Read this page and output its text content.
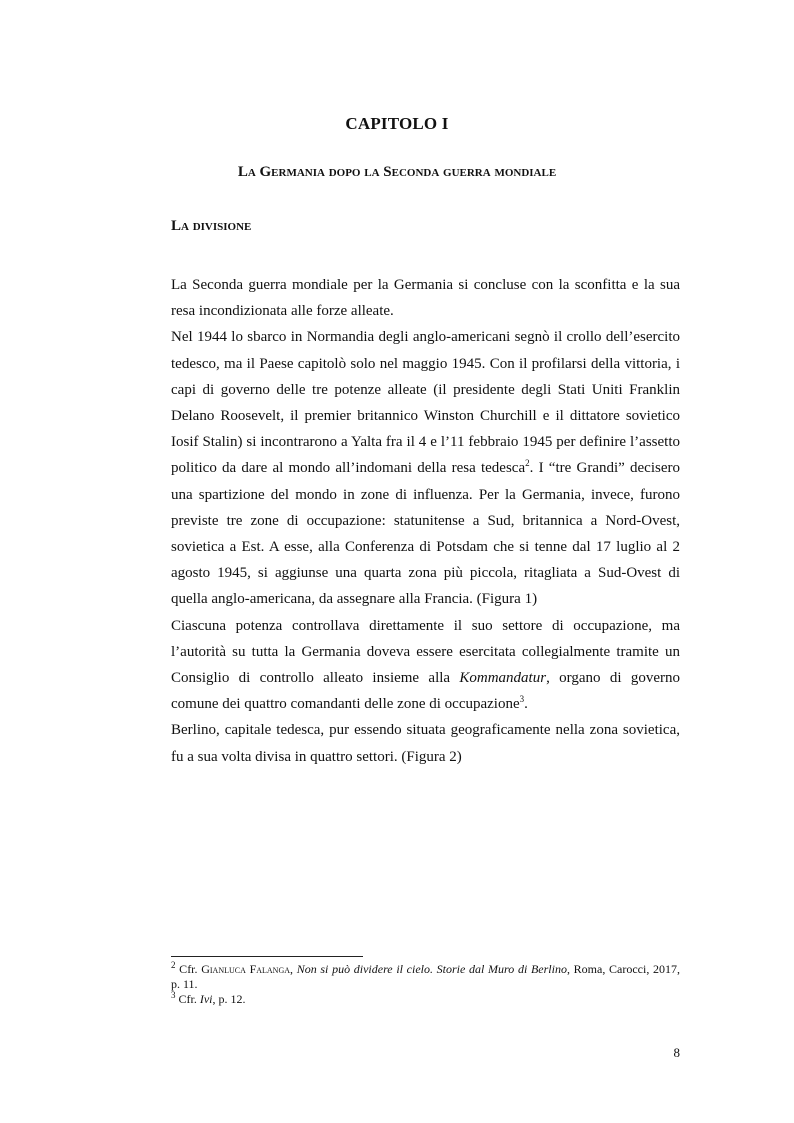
CAPITOLO I
La Germania dopo la Seconda guerra mondiale
La divisione

La Seconda guerra mondiale per la Germania si concluse con la sconfitta e la sua resa incondizionata alle forze alleate.

Nel 1944 lo sbarco in Normandia degli anglo-americani segnò il crollo dell’esercito tedesco, ma il Paese capitolò solo nel maggio 1945. Con il profilarsi della vittoria, i capi di governo delle tre potenze alleate (il presidente degli Stati Uniti Franklin Delano Roosevelt, il premier britannico Winston Churchill e il dittatore sovietico Iosif Stalin) si incontrarono a Yalta fra il 4 e l’11 febbraio 1945 per definire l’assetto politico da dare al mondo all’indomani della resa tedesca$^2$. I “tre Grandi” decisero una spartizione del mondo in zone di influenza. Per la Germania, invece, furono previste tre zone di occupazione: statunitense a Sud, britannica a Nord-Ovest, sovietica a Est. A esse, alla Conferenza di Potsdam che si tenne dal 17 luglio al 2 agosto 1945, si aggiunse una quarta zona più piccola, ritagliata a Sud-Ovest di quella anglo-americana, da assegnare alla Francia. (Figura 1)

Ciascuna potenza controllava direttamente il suo settore di occupazione, ma l’autorità su tutta la Germania doveva essere esercitata collegialmente tramite un Consiglio di controllo alleato insieme alla Kommandatur, organo di governo comune dei quattro comandanti delle zone di occupazione$^3$.

Berlino, capitale tedesca, pur essendo situata geograficamente nella zona sovietica, fu a sua volta divisa in quattro settori. (Figura 2)

$^2$ Cfr. Gianluca Falanga, Non si può dividere il cielo. Storie dal Muro di Berlino, Roma, Carocci, 2017, p. 11.

$^3$ Cfr. Ivi, p. 12.

8
